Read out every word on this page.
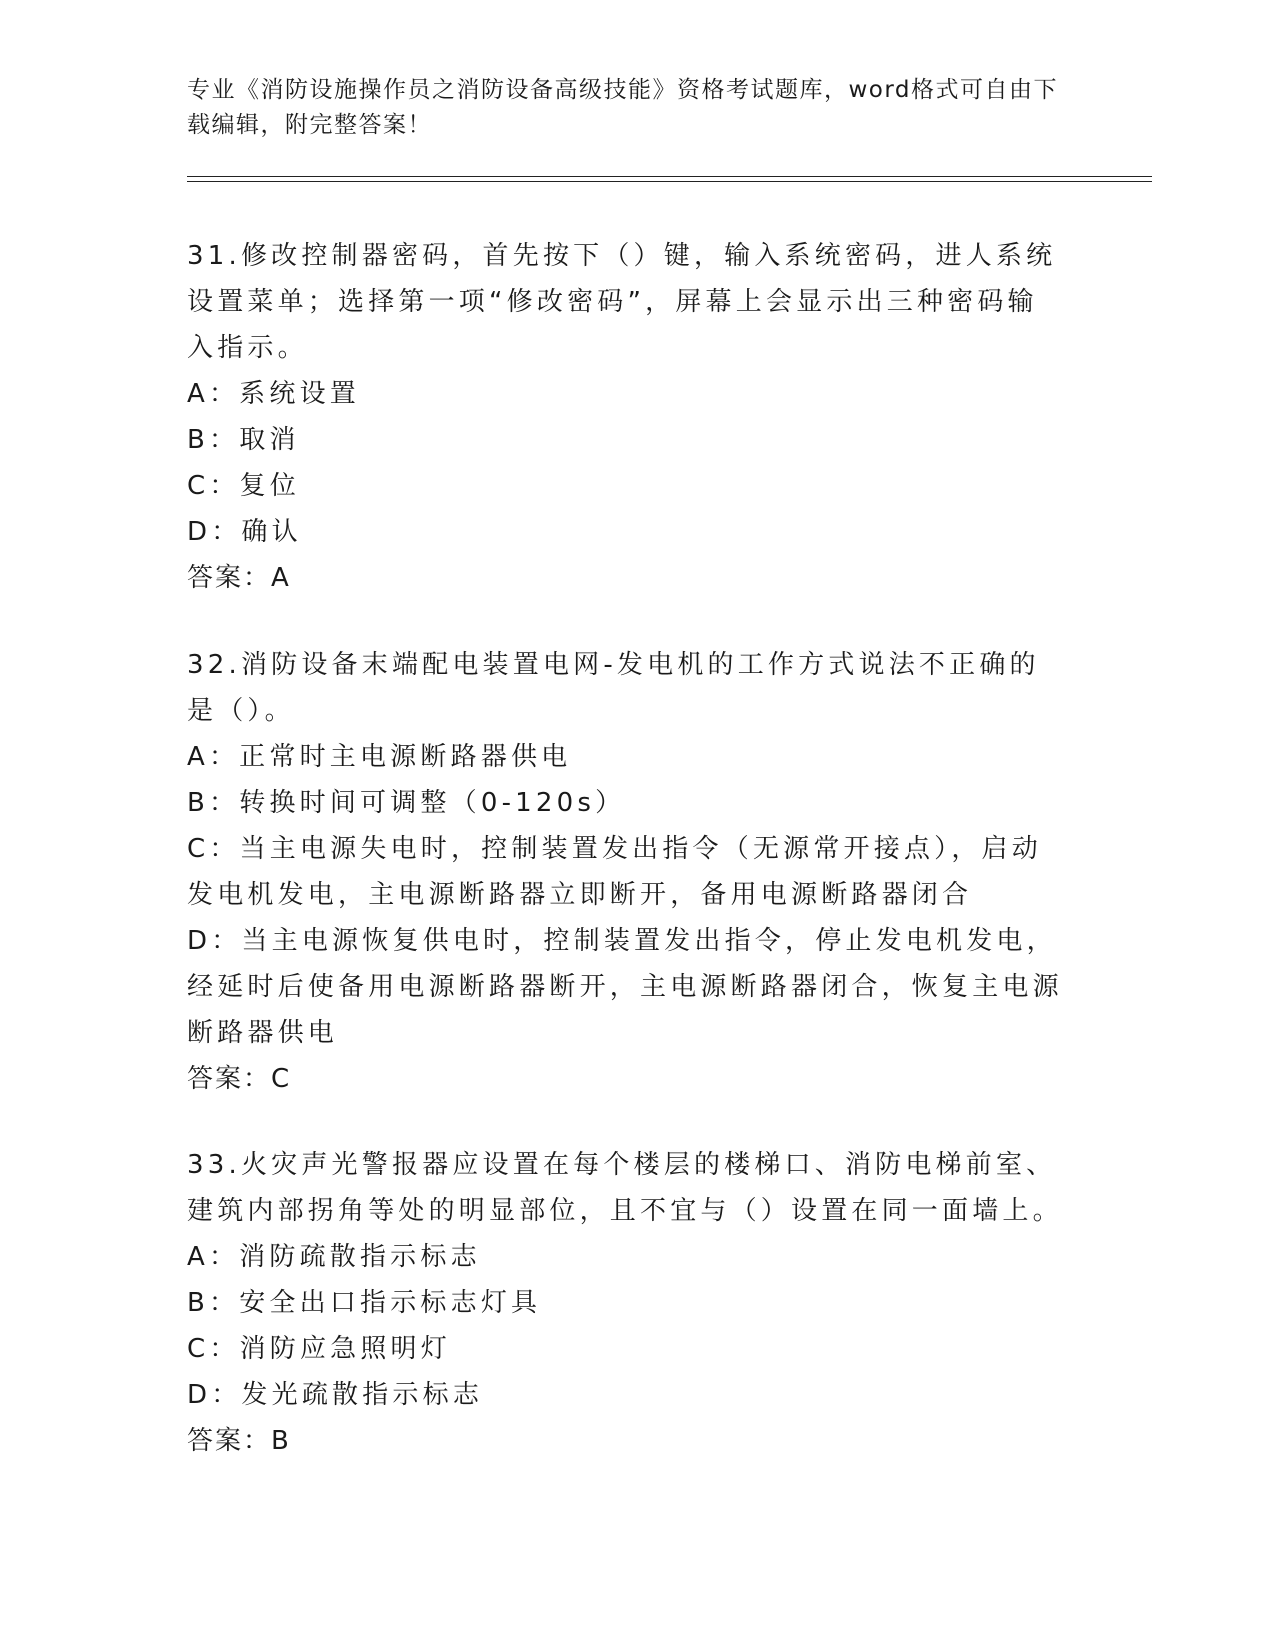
专业《消防设施操作员之消防设备高级技能》资格考试题库，word格式可自由下载编辑，附完整答案！

31.修改控制器密码，首先按下（）键，输入系统密码，进人系统设置菜单；选择第一项“修改密码”，屏幕上会显示出三种密码输入指示。

A：系统设置

B：取消

C：复位

D：确认

答案：A

32.消防设备末端配电装置电网-发电机的工作方式说法不正确的是（）。

A：正常时主电源断路器供电

B：转换时间可调整（0-120s）

C：当主电源失电时，控制装置发出指令（无源常开接点），启动发电机发电，主电源断路器立即断开，备用电源断路器闭合

D：当主电源恢复供电时，控制装置发出指令，停止发电机发电，经延时后使备用电源断路器断开，主电源断路器闭合，恢复主电源断路器供电

答案：C

33.火灾声光警报器应设置在每个楼层的楼梯口、消防电梯前室、建筑内部拐角等处的明显部位，且不宜与（）设置在同一面墙上。

A：消防疏散指示标志

B：安全出口指示标志灯具

C：消防应急照明灯

D：发光疏散指示标志

答案：B
